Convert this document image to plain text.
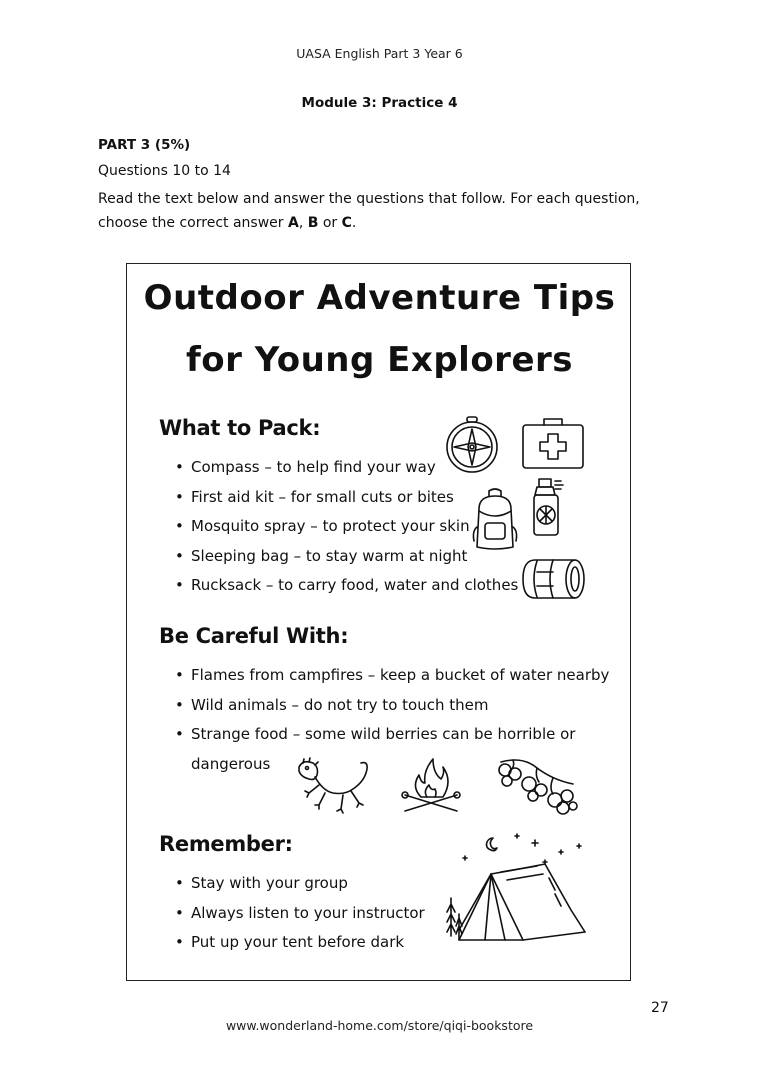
UASA English Part 3 Year 6
Module 3: Practice 4
PART 3 (5%)
Questions 10 to 14
Read the text below and answer the questions that follow. For each question,
choose the correct answer A, B or C.
Outdoor Adventure Tips
for Young Explorers
What to Pack:
• Compass – to help find your way
• First aid kit – for small cuts or bites
• Mosquito spray – to protect your skin
• Sleeping bag – to stay warm at night
• Rucksack – to carry food, water and clothes
Be Careful With:
• Flames from campfires – keep a bucket of water nearby
• Wild animals – do not try to touch them
• Strange food – some wild berries can be horrible or
dangerous
Remember:
• Stay with your group
• Always listen to your instructor
• Put up your tent before dark
27
www.wonderland-home.com/store/qiqi-bookstore
